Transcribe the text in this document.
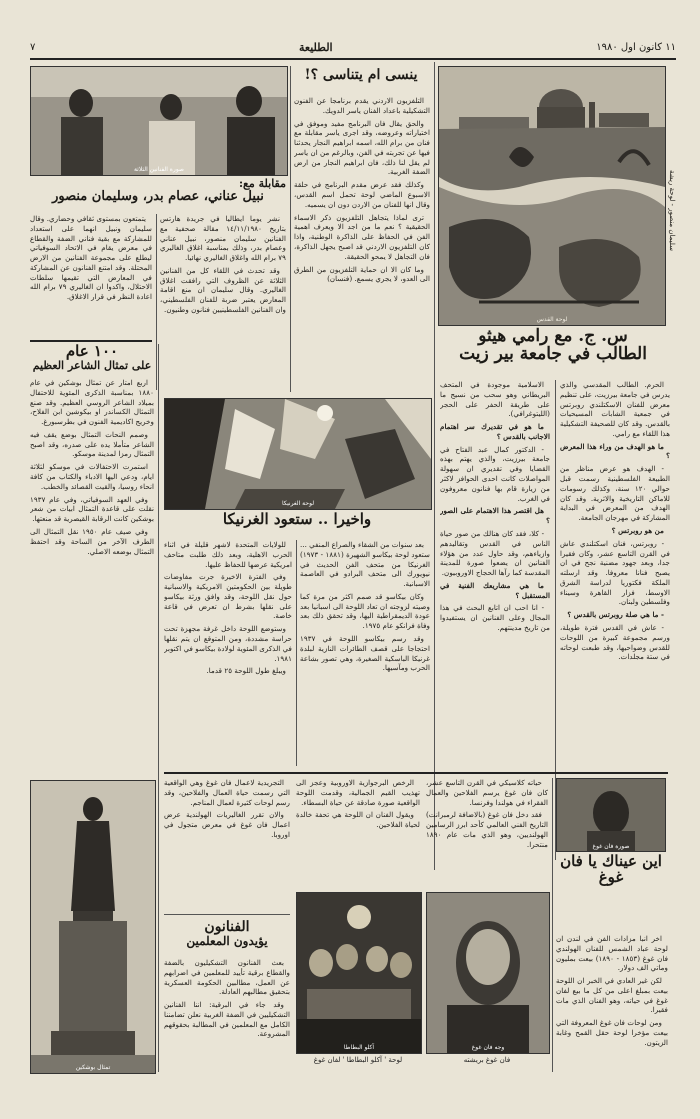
١١ كانون اول ١٩٨٠
الطليعة
٧
لوحة القدس
سليمان منصور - لوحة ريشة
س. ج. مع رامي هيثو
الطالب في جامعة بير زيت

الحرم. الطالب المقدسي والذي يدرس في جامعة بيرزيت، على تنظيم معرض للفنان الاسكتلندي روبرتس في جمعية الشابات المسيحيات بالقدس. وقد كان للصحيفة التشكيلية هذا اللقاء مع رامي.

ما هو الهدف من وراء هذا المعرض ؟

- الهدف هو عرض مناظر من الطبيعة الفلسطينية رسمت قبل حوالي ١٢٠ سنة، وكذلك رسومات للاماكن التاريخية والاثرية. وقد كان الهدف من المعرض في البداية المشاركة في مهرجان الجامعة.

من هو روبرتس ؟

- روبرتس، فنان اسكتلندي عاش في القرن التاسع عشر، وكان فقيرا جدا، وبعد جهود مضنية نجح في ان يصبح فنانا معروفا. وقد ارسلته الملكة فكتوريا لدراسة الشرق الاوسط، فزار القاهرة وسيناء وفلسطين ولبنان.

- ما هي صلة روبرتس بالقدس ؟

- عاش في القدس فترة طويلة، ورسم مجموعة كبيرة من اللوحات للقدس وضواحيها، وقد طبعت لوحاته في ستة مجلدات.

الاسلامية موجودة في المتحف البريطاني وهو سحب من نسيج ما على طريقة الحفر على الحجر (الليتوغرافي).

ما هو في تقديرك سر اهتمام الاجانب بالقدس ؟

- الدكتور كمال عبد الفتاح في جامعة بيرزيت، والذي يهتم بهذه القضايا وفي تقديري ان سهولة المواصلات كانت احدى الحوافز لاكثر من زيارة قام بها فنانون معروفون في الغرب.

هل اقتصر هذا الاهتمام على الصور ؟

- كلا، فقد كان هنالك من صور حياة الناس في القدس وتقاليدهم وازياءهم، وقد حاول عدد من هؤلاء الفنانين ان يضعوا صورة للمدينة المقدسة كما رآها الحجاج الاوروبيون.

ما هي مشاريعك الفنية في المستقبل ؟

- انا احب ان اتابع البحث في هذا المجال وعلى الفنانين ان يستفيدوا من تاريخ مدينتهم.

ينسى ام يتناسى ؟!

التلفزيون الاردني يقدم برنامجا عن الفنون التشكيلية باعداد الفنان ياسر الدويك.

والحق يقال فان البرنامج مفيد وموفق في اختياراته وعروضه، وقد اجرى ياسر مقابلة مع فنان من برام الله، اسمه ابراهيم النجار يحدثنا فيها عن تجربته في الفن، وبالرغم من ان ياسر لم يقل لنا ذلك، فان ابراهيم النجار من ارض الضفة الغربية.

وكذلك فقد عرض مقدم البرنامج في حلقة الاسبوع الماضي لوحة تحمل اسم القدس، وقال انها للفنان من الاردن دون ان يسميه.

ترى لماذا يتجاهل التلفزيون ذكر الاسماء الحقيقية ؟ نعم ما من اجد الا ويعرف اهمية الفن في الحفاظ على الذاكرة الوطنية، واذا كان التلفزيون الاردني قد اصبح يجهل الذاكرة، فان التجاهل لا يمحو الحقيقة.

وما كان الا ان حماية التلفزيون من الطرق الى العدو، لا يجري يسمع. (فنسان)

صورة الفنانين الثلاثة
مقابلة مع:
نبيل عناني، عصام بدر، وسليمان منصور

نشر يوما ايطاليا في جريدة هارتس بتاريخ ١٤/١١/١٩٨٠ مقالة صحفية مع الفنانين سليمان منصور، نبيل عناني وعصام بدر، وذلك بمناسبة اغلاق الغاليري ٧٩ برام الله واغلاق الغاليري نهائيا.

وقد تحدث في اللقاء كل من الفنانين الثلاثة عن الظروف التي رافقت اغلاق الغاليري. وقال سليمان ان منع اقامة المعارض يعتبر ضربة للفنان الفلسطيني، وان الفنانين الفلسطينيين فنانون وطنيون.

يتمتعون بمستوى ثقافي وحضاري. وقال سليمان ونبيل انهما على استعداد للمشاركة مع بقية فناني الضفة والقطاع في معرض يقام في الاتحاد السوفياتي ليطلع على مجموعة الفنانين من الارض المحتلة. وقد امتنع الفنانون عن المشاركة في المعارض التي تقيمها سلطات الاحتلال، واكدوا ان الغاليري ٧٩ برام الله اعادة النظر في قرار الاغلاق.

١٠٠ عام
على تمثال الشاعر العظيم

اربع امتار عن تمثال بوشكين في عام ١٨٨٠ بمناسبة الذكرى المئوية للاحتفال بميلاد الشاعر الروسي العظيم. وقد صنع التمثال الكساندر او بيكوشين ابن الفلاح، وخريج اكاديمية الفنون في بطرسبورغ.

وصمم النحات التمثال بوضع يقف فيه الشاعر متأملا يده على صدره، وقد اصبح التمثال رمزا لمدينة موسكو.

استمرت الاحتفالات في موسكو لثلاثة ايام، ودعي اليها الادباء والكتاب من كافة انحاء روسيا، والقيت القصائد والخطب.

وفي العهد السوفياتي، وفي عام ١٩٣٧ نقلت على قاعدة التمثال ابيات من شعر بوشكين كانت الرقابة القيصرية قد منعتها.

وفي صيف عام ١٩٥٠ نقل التمثال الى الطرف الآخر من الساحة وقد احتفظ التمثال بوضعه الاصلي.

تمثال بوشكين
لوحة الغرنيكا
واخيرا .. ستعود الغرنيكا

بعد سنوات من الشقاء والصراع المنفي ... ستعود لوحة بيكاسو الشهيرة (١٨٨١ - ١٩٧٣) الغرنيكا من متحف الفن الحديث في نيويورك الى متحف البرادو في العاصمة الاسبانية.

وكان بيكاسو قد صمم اكثر من مرة كما وصيته لزوجته ان تعاد اللوحة الى اسبانيا بعد عودة الديمقراطية اليها، وقد تحقق ذلك بعد وفاة فرانكو عام ١٩٧٥.

وقد رسم بيكاسو اللوحة في ١٩٣٧ احتجاجا على قصف الطائرات النازية لبلدة غرنيكا الباسكية الصغيرة، وهي تصور بشاعة الحرب ومآسيها.

للولايات المتحدة لاشهر قليلة في اثناء الحرب الاهلية، وبعد ذلك طلبت متاحف امريكية عرضها للحفاظ عليها.

وفي الفترة الاخيرة جرت مفاوضات طويلة بين الحكومتين الامريكية والاسبانية حول نقل اللوحة، وقد وافق ورثة بيكاسو على نقلها بشرط ان تعرض في قاعة خاصة.

وستوضع اللوحة داخل غرفة مجهزة تحت حراسة مشددة، ومن المتوقع ان يتم نقلها في الذكرى المئوية لولادة بيكاسو في اكتوبر ١٩٨١.

ويبلغ طول اللوحة ٢٥ قدما.

صورة فان غوغ
اين عيناك يا فان غوغ

اخر انبا مزادات الفن في لندن ان لوحة عباد الشمس للفنان الهولندي فان غوغ (١٨٥٣ - ١٨٩٠) بيعت بمليون وماتي الف دولار.

لكن غير العادي في الخبر ان اللوحة بيعت بمبلغ اعلى من كل ما بيع لفان غوغ في حياته، وهو الفنان الذي مات فقيرا.

ومن لوحات فان غوغ المعروفة التي بيعت مؤخرا لوحة حقل القمح وغابة الزيتون.

حياته كلاسيكي في القرن التاسع عشر، كان فان غوغ يرسم الفلاحين والعمال الفقراء في هولندا وفرنسا.

فقد دخل فان غوغ (بالاضافة لرمبرانت) التاريخ الفني العالمي كأحد ابرز الرسامين الهولنديين، وهو الذي مات عام ١٨٩٠ منتحرا.

الرخص البرجوازية الاوروبية وعجز الى تهذيب القيم الجمالية، وقدمت اللوحة الواقعية صورة صادقة عن حياة البسطاء.

ويقول الفنان ان اللوحة هي تحفة خالدة لحياة الفلاحين.

التجريدية لاعمال فان غوغ وهي الواقعية التي رسمت حياة العمال والفلاحين، وقد رسم لوحات كثيرة لعمال المناجم.

والان تقرر الغاليريات الهولندية عرض اعمال فان غوغ في معرض متجول في اوروبا.

وجه فان غوغ
فان غوغ بريشته
آكلو البطاطا
لوحة ' آكلو البطاطا ' لفان غوغ
الفنانون
يؤيدون المعلمين

بعث الفنانون التشكيليون بالضفة والقطاع برقية تأييد للمعلمين في اضرابهم عن العمل، مطالبين الحكومة العسكرية بتحقيق مطالبهم العادلة.

وقد جاء في البرقية: اننا الفنانين التشكيليين في الضفة الغربية نعلن تضامننا الكامل مع المعلمين في المطالبة بحقوقهم المشروعة.
